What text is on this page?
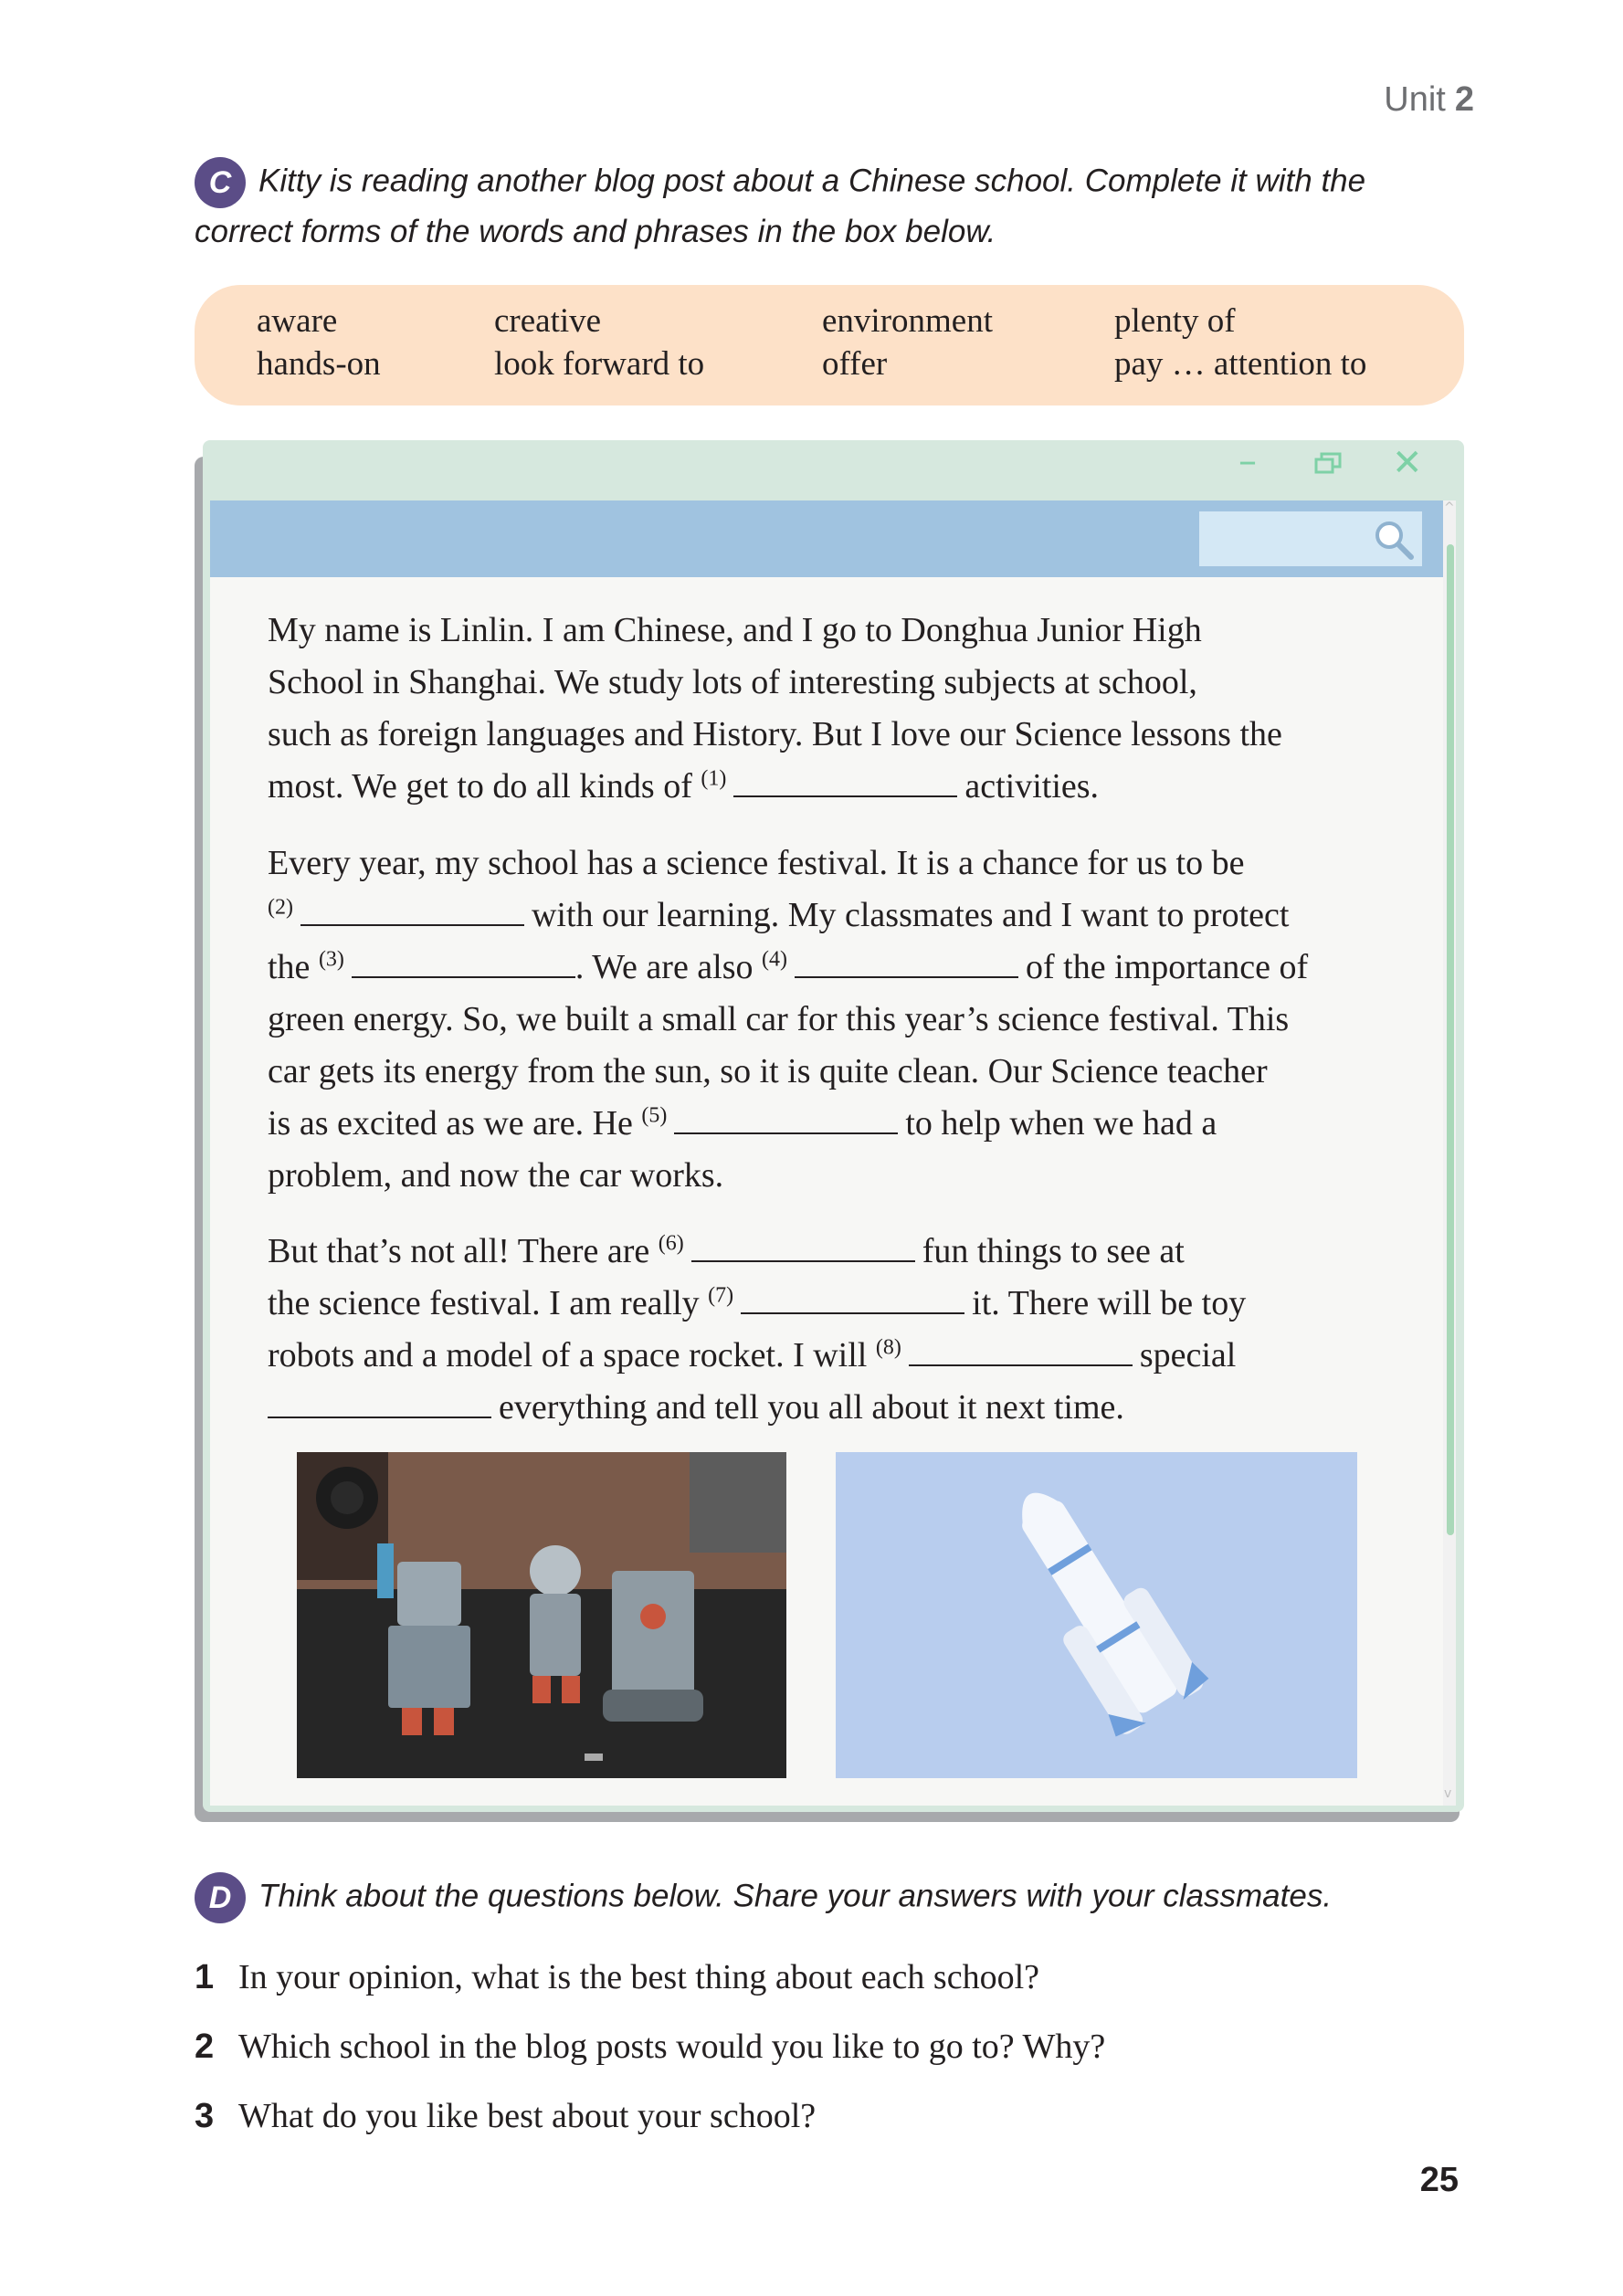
Unit 2
C Kitty is reading another blog post about a Chinese school. Complete it with the
correct forms of the words and phrases in the box below.
aware	creative	environment	plenty of
hands-on	look forward to	offer	pay … attention to
–	✕
^
v
My name is Linlin. I am Chinese, and I go to Donghua Junior High
School in Shanghai. We study lots of interesting subjects at school,
such as foreign languages and History. But I love our Science lessons the
most. We get to do all kinds of $^{(1)}$	activities.
Every year, my school has a science festival. It is a chance for us to be
$^{(2)}$	with our learning. My classmates and I want to protect
the $^{(3)}$	. We are also $^{(4)}$	of the importance of
green energy. So, we built a small car for this year’s science festival. This
car gets its energy from the sun, so it is quite clean. Our Science teacher
is as excited as we are. He $^{(5)}$	to help when we had a
problem, and now the car works.
But that’s not all! There are $^{(6)}$	fun things to see at
the science festival. I am really $^{(7)}$	it. There will be toy
robots and a model of a space rocket. I will $^{(8)}$	special
everything and tell you all about it next time.
D Think about the questions below. Share your answers with your classmates.
1 In your opinion, what is the best thing about each school?
2 Which school in the blog posts would you like to go to? Why?
3 What do you like best about your school?
25
